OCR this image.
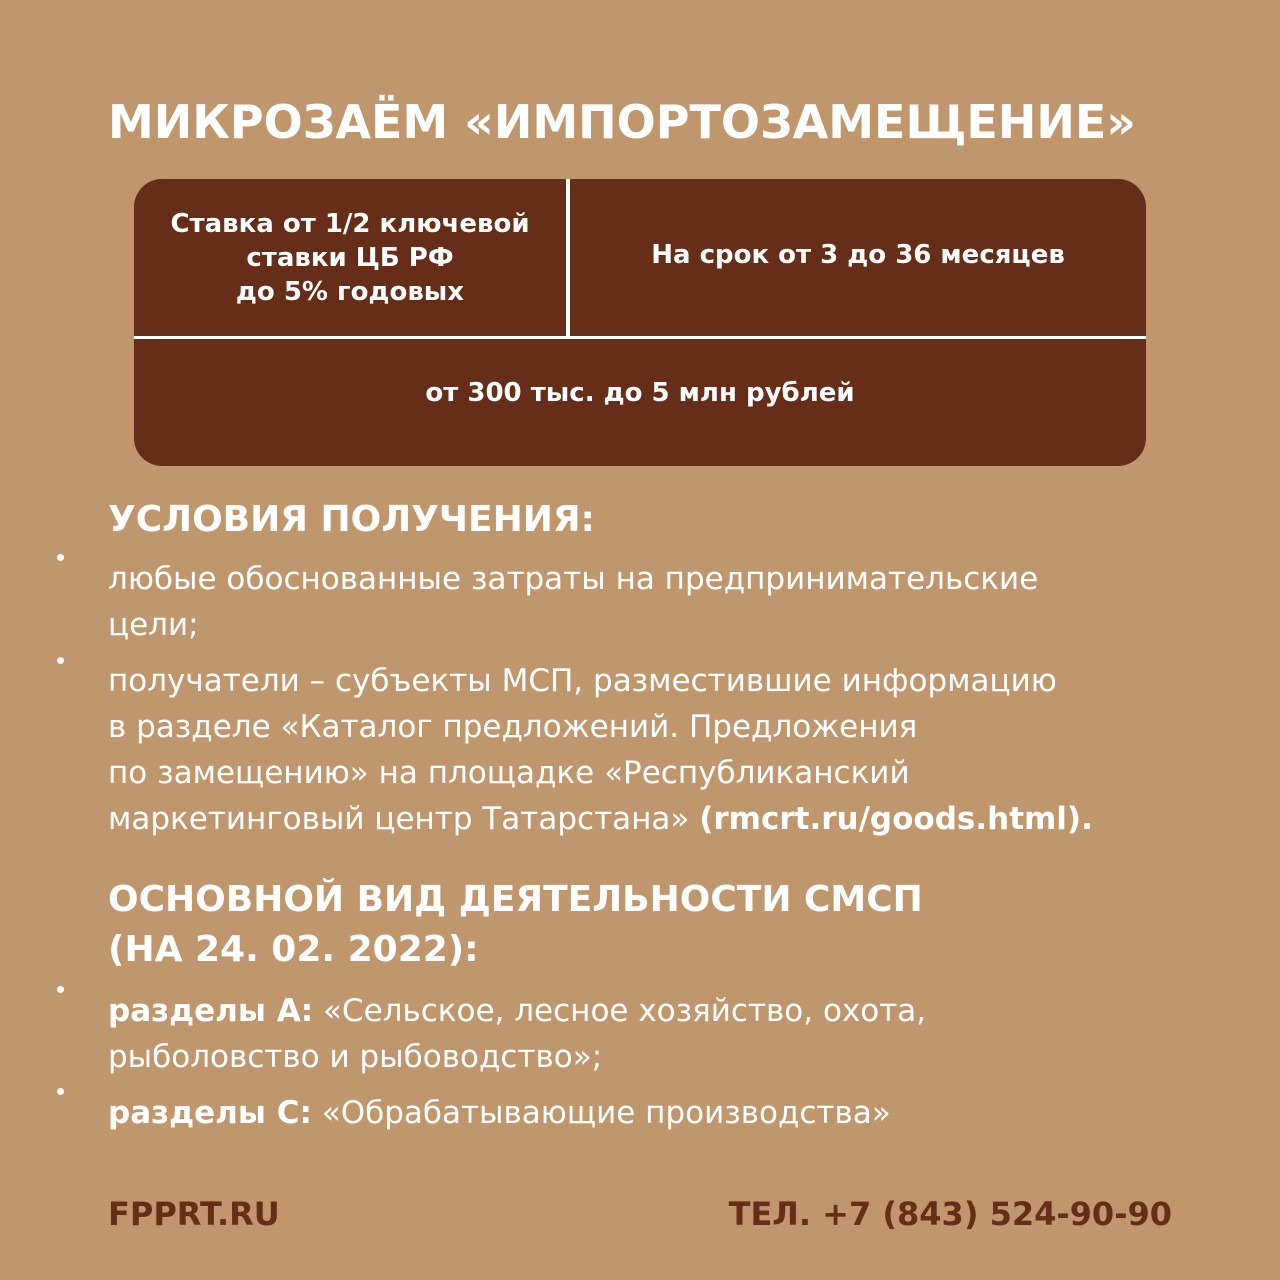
МИКРОЗАЁМ «ИМПОРТОЗАМЕЩЕНИЕ»
Ставка от 1/2 ключевой
ставки ЦБ РФ
до 5% годовых
На срок от 3 до 36 месяцев
от 300 тыс. до 5 млн рублей
УСЛОВИЯ ПОЛУЧЕНИЯ:

любые обоснованные затраты на предпринимательские
цели;

получатели – субъекты МСП, разместившие информацию
в разделе «Каталог предложений. Предложения
по замещению» на площадке «Республиканский
маркетинговый центр Татарстана» (rmcrt.ru/goods.html).

ОСНОВНОЙ ВИД ДЕЯТЕЛЬНОСТИ СМСП
(НА 24. 02. 2022):

разделы А: «Сельское, лесное хозяйство, охота,
рыболовство и рыбоводство»;

разделы С: «Обрабатывающие производства»

FPPRT.RU	ТЕЛ. +7 (843) 524-90-90
